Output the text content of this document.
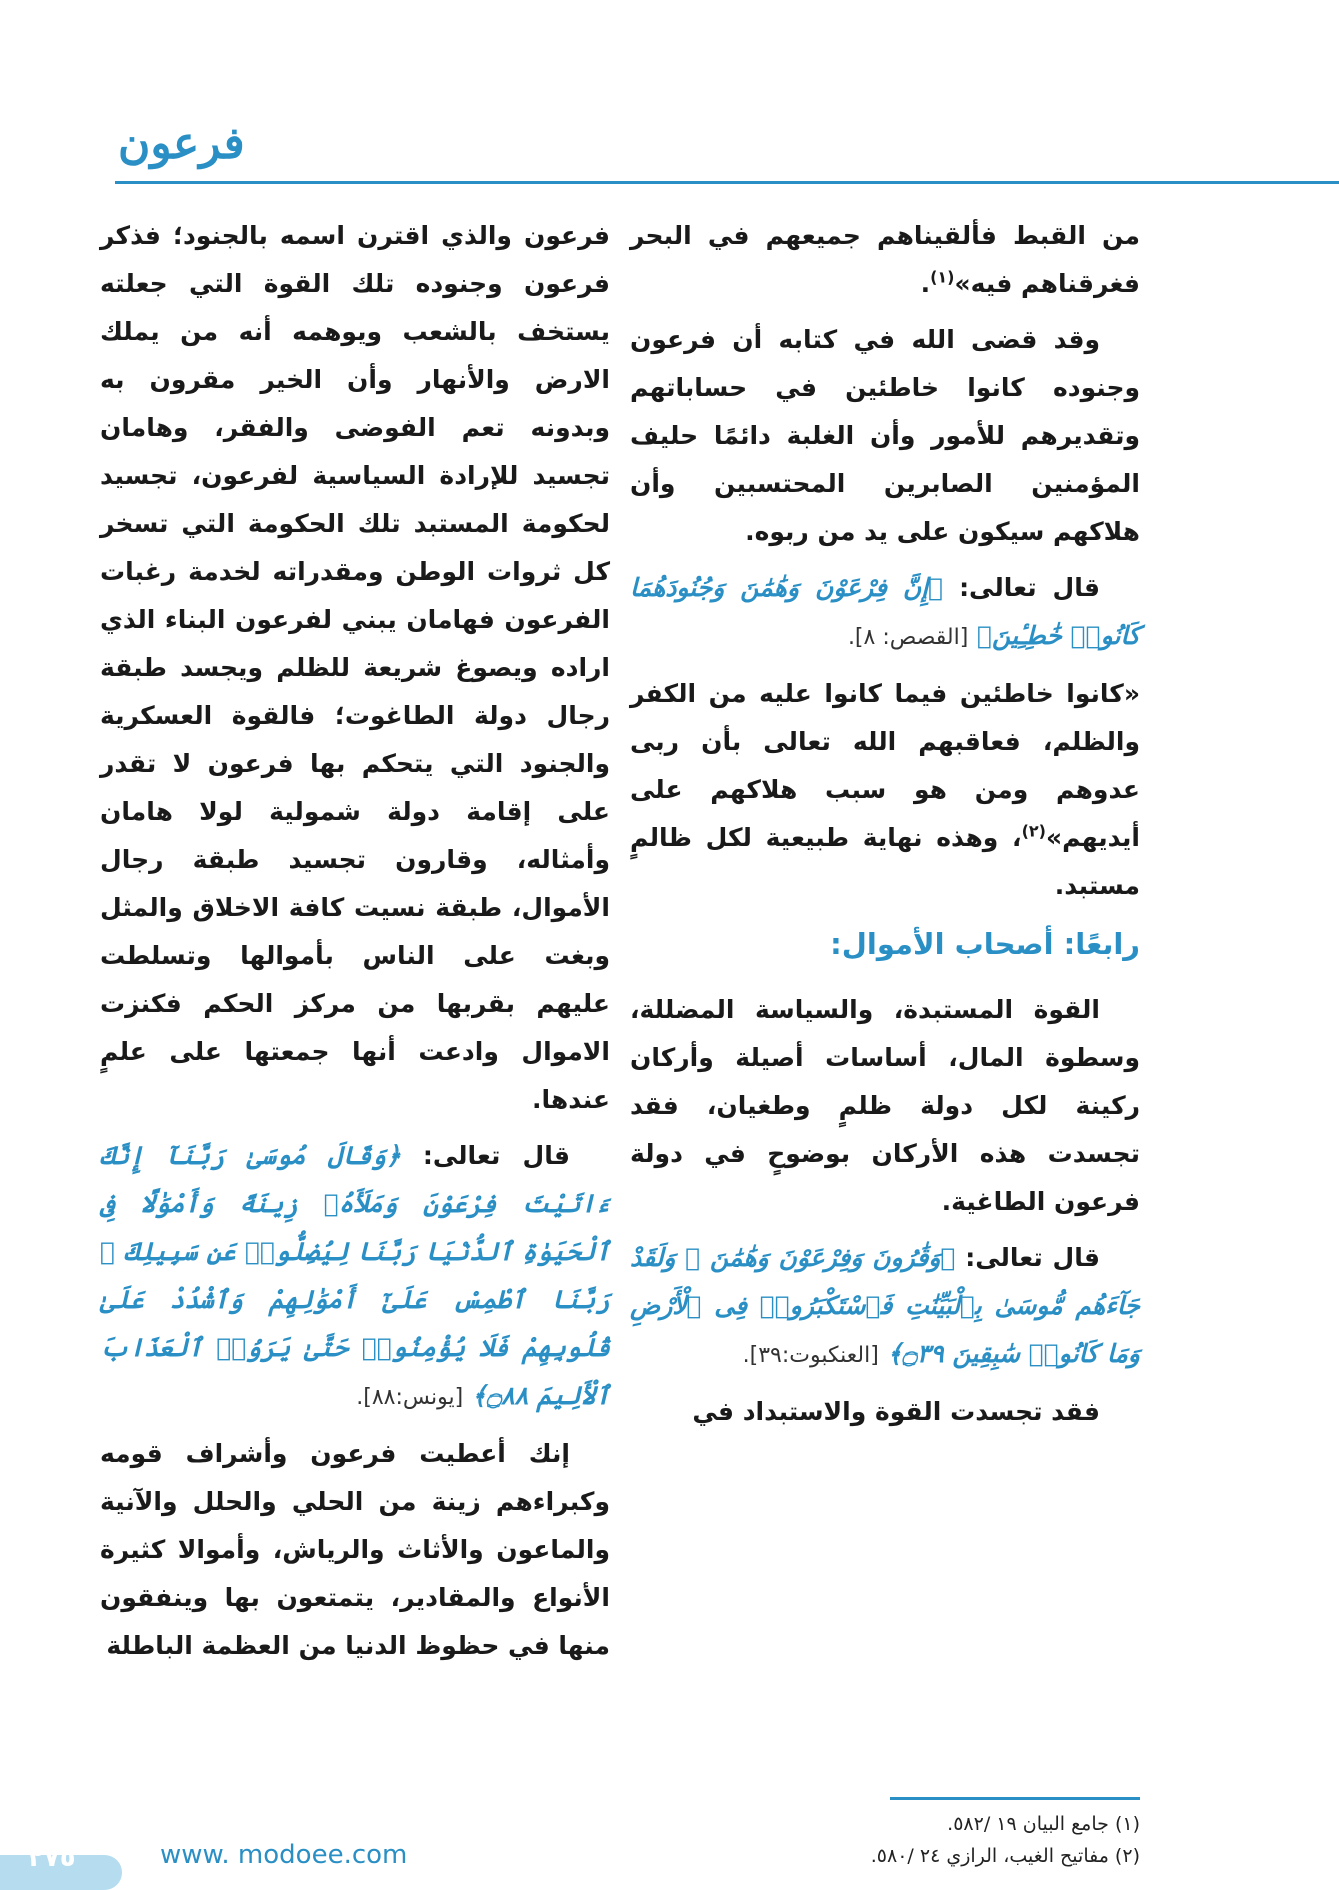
فرعون

من القبط فألقيناهم جميعهم في البحر فغرقناهم فيه»$^{(١)}$.

وقد قضى الله في كتابه أن فرعون وجنوده كانوا خاطئين في حساباتهم وتقديرهم للأمور وأن الغلبة دائمًا حليف المؤمنين الصابرين المحتسبين وأن هلاكهم سيكون على يد من ربوه.

قال تعالى: ﴿إِنَّ فِرْعَوْنَ وَهَٰمَٰنَ وَجُنُودَهُمَا كَانُوا۟ خَٰطِـِٔينَ﴾ [القصص: ٨].

«كانوا خاطئين فيما كانوا عليه من الكفر والظلم، فعاقبهم الله تعالى بأن ربى عدوهم ومن هو سبب هلاكهم على أيديهم»$^{(٢)}$، وهذه نهاية طبيعية لكل ظالمٍ مستبد.

رابعًا: أصحاب الأموال:

القوة المستبدة، والسياسة المضللة، وسطوة المال، أساسات أصيلة وأركان ركينة لكل دولة ظلمٍ وطغيان، فقد تجسدت هذه الأركان بوضوحٍ في دولة فرعون الطاغية.

قال تعالى: ﴿وَقَٰرُونَ وَفِرْعَوْنَ وَهَٰمَٰنَ ۖ وَلَقَدْ جَآءَهُم مُّوسَىٰ بِٱلْبَيِّنَٰتِ فَٱسْتَكْبَرُوا۟ فِى ٱلْأَرْضِ وَمَا كَانُوا۟ سَٰبِقِينَ ۝٣٩﴾ [العنكبوت:٣٩].

فقد تجسدت القوة والاستبداد في

فرعون والذي اقترن اسمه بالجنود؛ فذكر فرعون وجنوده تلك القوة التي جعلته يستخف بالشعب ويوهمه أنه من يملك الارض والأنهار وأن الخير مقرون به وبدونه تعم الفوضى والفقر، وهامان تجسيد للإرادة السياسية لفرعون، تجسيد لحكومة المستبد تلك الحكومة التي تسخر كل ثروات الوطن ومقدراته لخدمة رغبات الفرعون فهامان يبني لفرعون البناء الذي اراده ويصوغ شريعة للظلم ويجسد طبقة رجال دولة الطاغوت؛ فالقوة العسكرية والجنود التي يتحكم بها فرعون لا تقدر على إقامة دولة شمولية لولا هامان وأمثاله، وقارون تجسيد طبقة رجال الأموال، طبقة نسيت كافة الاخلاق والمثل وبغت على الناس بأموالها وتسلطت عليهم بقربها من مركز الحكم فكنزت الاموال وادعت أنها جمعتها على علمٍ عندها.

قال تعالى: ﴿وَقَالَ مُوسَىٰ رَبَّنَآ إِنَّكَ ءَاتَيْتَ فِرْعَوْنَ وَمَلَأَهُۥ زِينَةً وَأَمْوَٰلًا فِى ٱلْحَيَوٰةِ ٱلدُّنْيَا رَبَّنَا لِيُضِلُّوا۟ عَن سَبِيلِكَ ۖ رَبَّنَا ٱطْمِسْ عَلَىٰٓ أَمْوَٰلِهِمْ وَٱشْدُدْ عَلَىٰ قُلُوبِهِمْ فَلَا يُؤْمِنُوا۟ حَتَّىٰ يَرَوُا۟ ٱلْعَذَابَ ٱلْأَلِيمَ ۝٨٨﴾ [يونس:٨٨].

إنك أعطيت فرعون وأشراف قومه وكبراءهم زينة من الحلي والحلل والآنية والماعون والأثاث والرياش، وأموالا كثيرة الأنواع والمقادير، يتمتعون بها وينفقون منها في حظوظ الدنيا من العظمة الباطلة

(١) جامع البيان ١٩ /٥٨٢.
(٢) مفاتيح الغيب، الرازي ٢٤ /٥٨٠.
٢٧٥	www. modoee.com
